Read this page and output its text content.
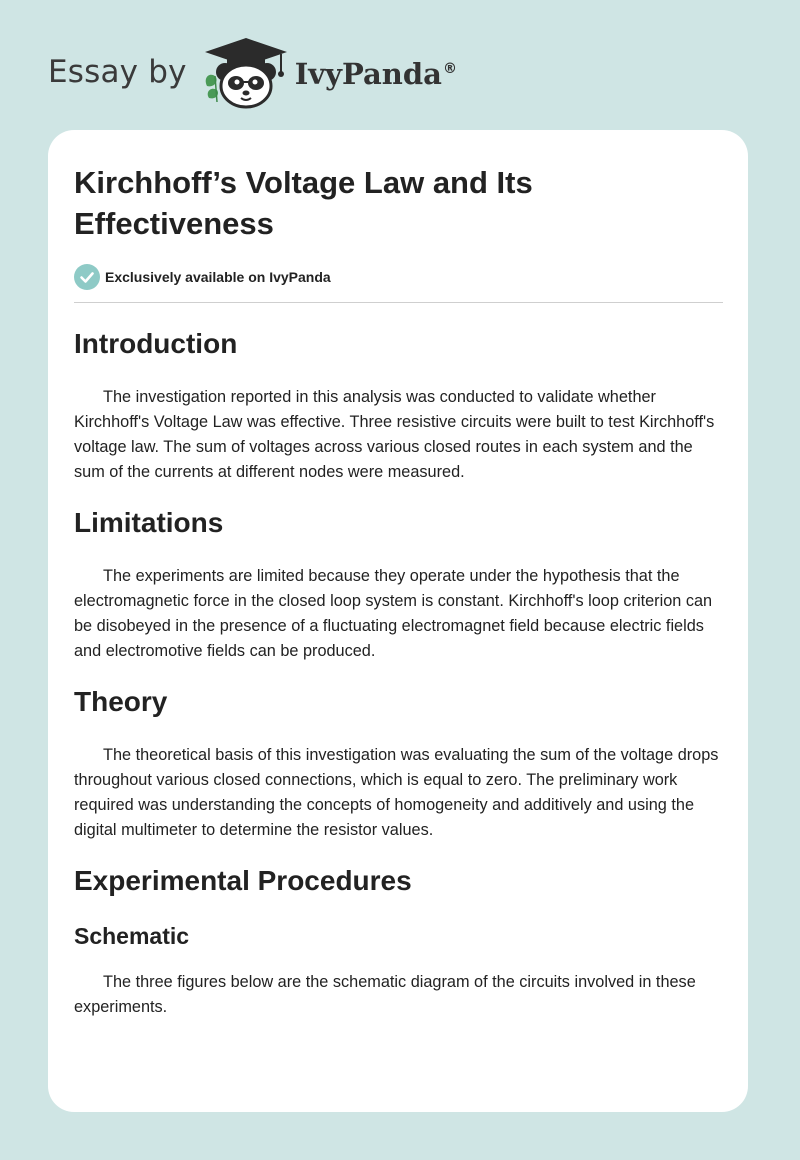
Essay by	IvyPanda®
Kirchhoff’s Voltage Law and Its Effectiveness
Exclusively available on IvyPanda
Introduction

The investigation reported in this analysis was conducted to validate whether Kirchhoff's Voltage Law was effective. Three resistive circuits were built to test Kirchhoff's voltage law. The sum of voltages across various closed routes in each system and the sum of the currents at different nodes were measured.

Limitations

The experiments are limited because they operate under the hypothesis that the electromagnetic force in the closed loop system is constant. Kirchhoff's loop criterion can be disobeyed in the presence of a fluctuating electromagnet field because electric fields and electromotive fields can be produced.

Theory

The theoretical basis of this investigation was evaluating the sum of the voltage drops throughout various closed connections, which is equal to zero. The preliminary work required was understanding the concepts of homogeneity and additively and using the digital multimeter to determine the resistor values.

Experimental Procedures
Schematic

The three figures below are the schematic diagram of the circuits involved in these experiments.
